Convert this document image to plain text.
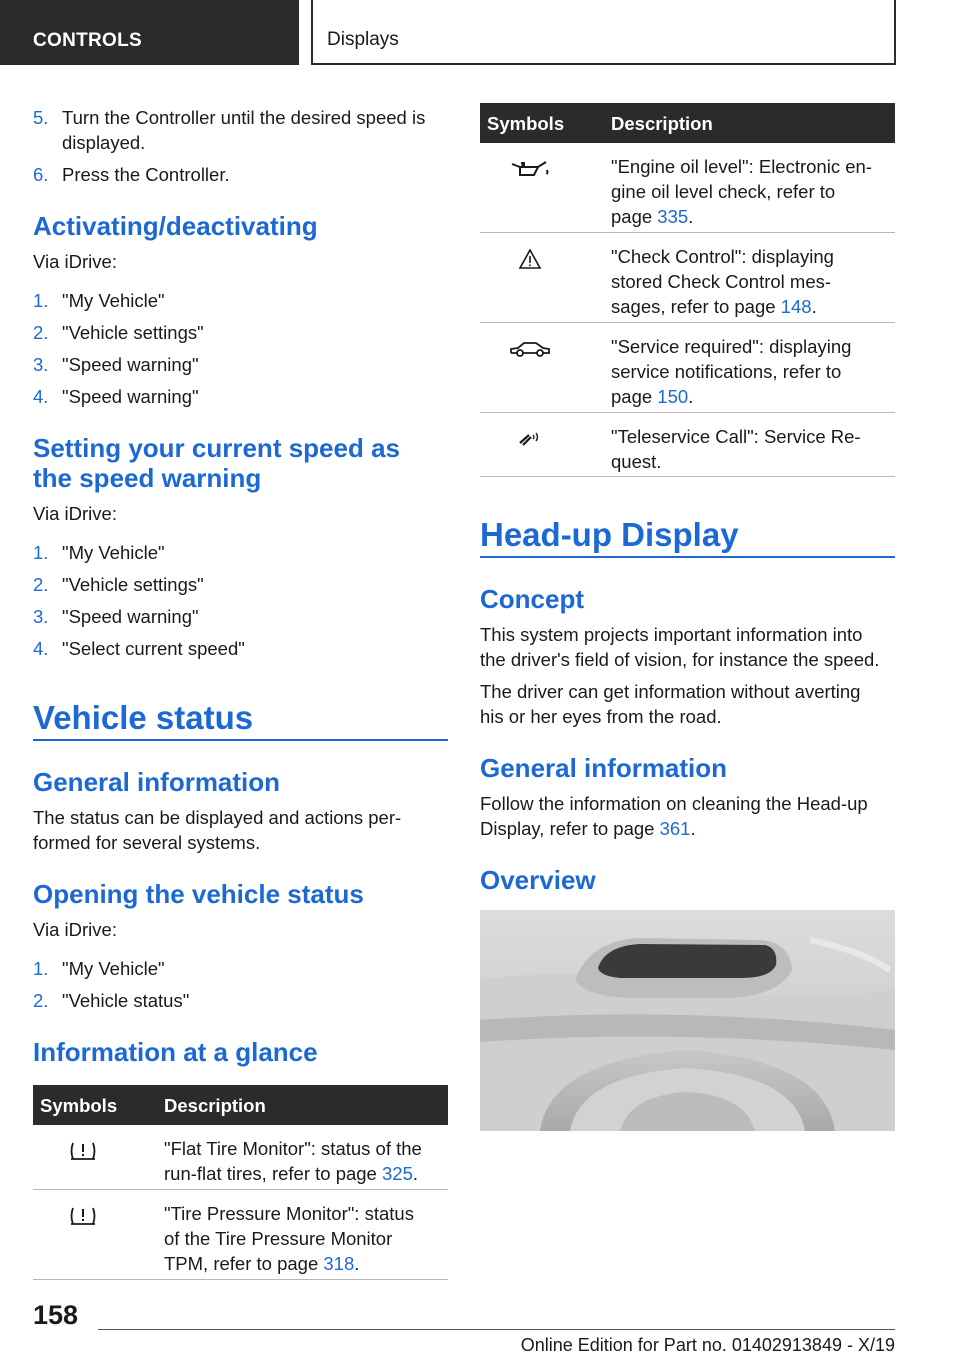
CONTROLS	Displays
5. Turn the Controller until the desired speed is displayed.
6. Press the Controller.
Activating/deactivating
Via iDrive:
1. "My Vehicle"
2. "Vehicle settings"
3. "Speed warning"
4. "Speed warning"
Setting your current speed as
the speed warning
Via iDrive:
1. "My Vehicle"
2. "Vehicle settings"
3. "Speed warning"
4. "Select current speed"
Vehicle status
General information
The status can be displayed and actions per-
formed for several systems.
Opening the vehicle status
Via iDrive:
1. "My Vehicle"
2. "Vehicle status"
Information at a glance
Symbols	Description
"Flat Tire Monitor": status of the
run-flat tires, refer to page 325.
"Tire Pressure Monitor": status
of the Tire Pressure Monitor
TPM, refer to page 318.
Symbols	Description
"Engine oil level": Electronic en-
gine oil level check, refer to
page 335.
"Check Control": displaying
stored Check Control mes-
sages, refer to page 148.
"Service required": displaying
service notifications, refer to
page 150.
"Teleservice Call": Service Re-
quest.
Head-up Display
Concept
This system projects important information into
the driver's field of vision, for instance the speed.
The driver can get information without averting
his or her eyes from the road.
General information
Follow the information on cleaning the Head-up
Display, refer to page 361.
Overview
158
Online Edition for Part no. 01402913849 - X/19
